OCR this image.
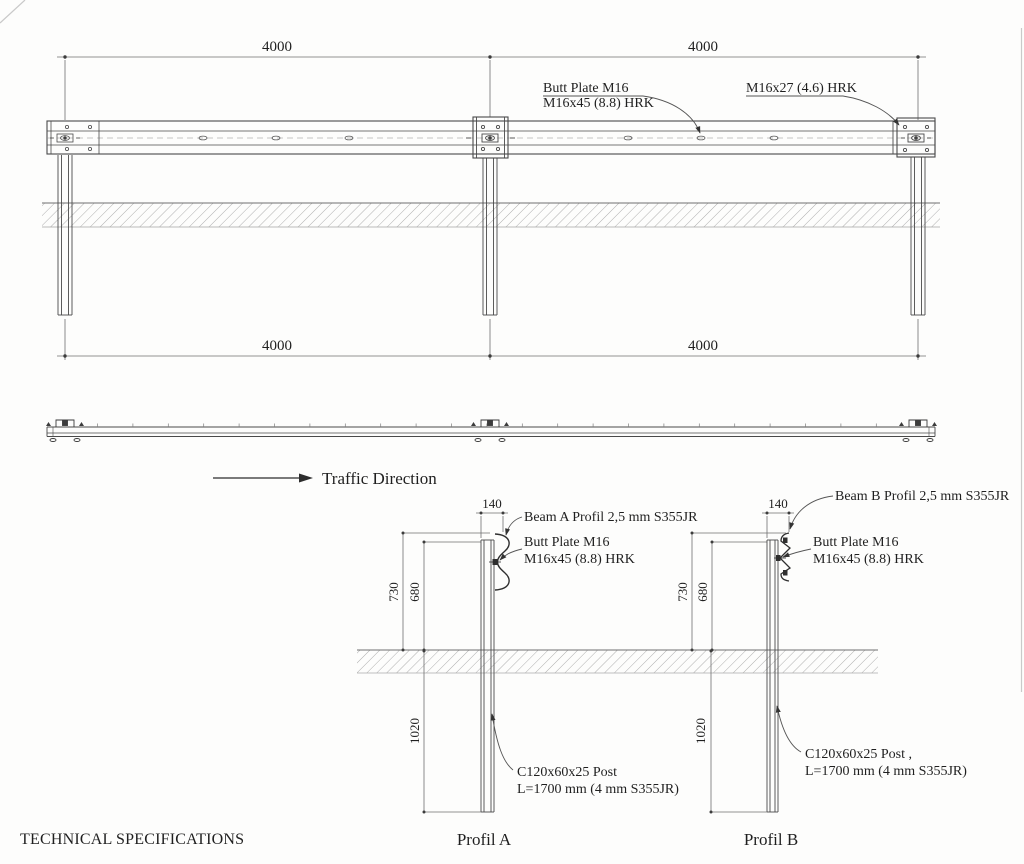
4000	4000
4000	4000
Butt Plate M16
M16x45 (8.8) HRK
M16x27 (4.6) HRK
Traffic Direction
140
730 680
Beam A Profil 2,5 mm S355JR
Butt Plate M16
M16x45 (8.8) HRK
1020
C120x60x25 Post
L=1700 mm (4 mm S355JR)
Profil A
140
730 680
Beam B Profil 2,5 mm S355JR
Butt Plate M16
M16x45 (8.8) HRK
1020
C120x60x25 Post ,
L=1700 mm (4 mm S355JR)
Profil B
TECHNICAL SPECIFICATIONS
